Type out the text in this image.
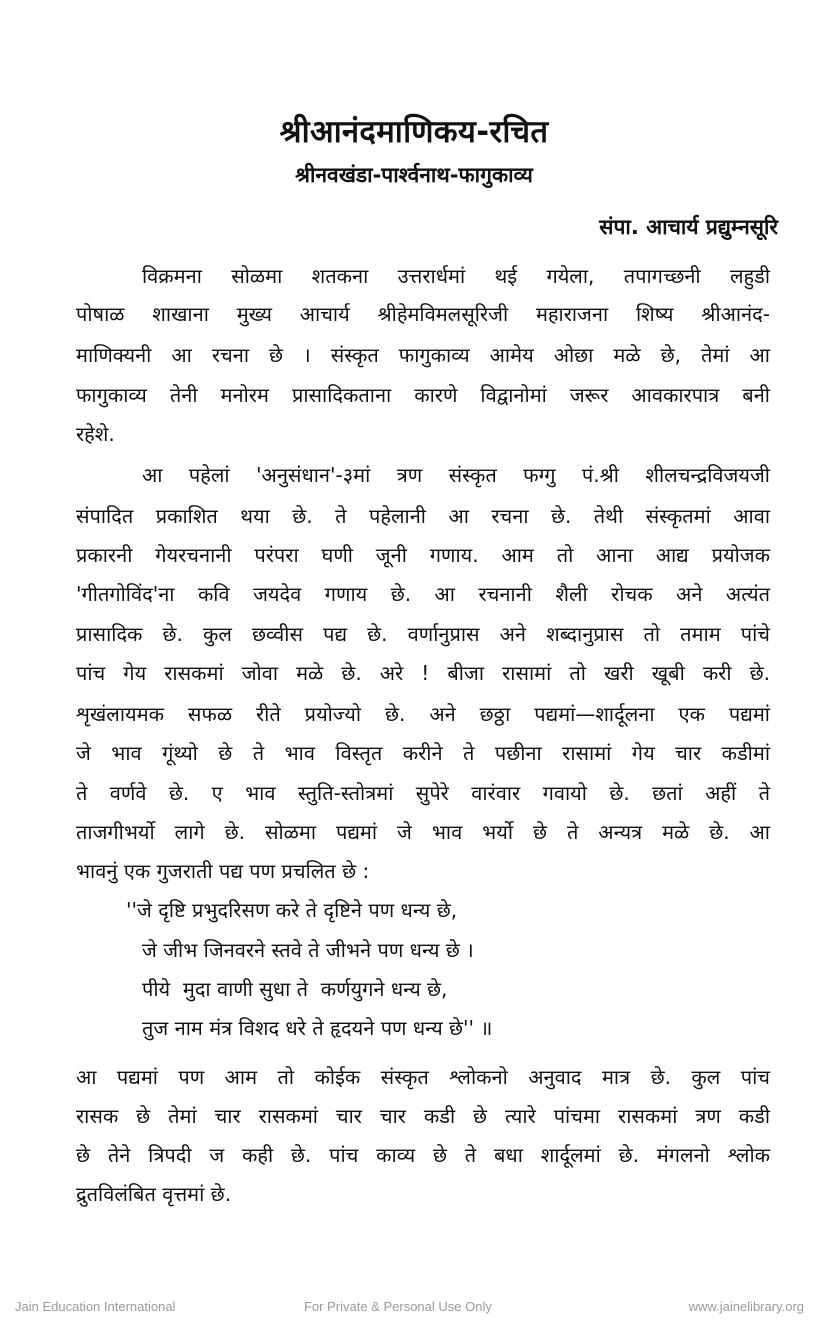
श्रीआनंदमाणिकय-रचित
श्रीनवखंडा-पार्श्वनाथ-फागुकाव्य
संपा. आचार्य प्रद्युम्नसूरि
विक्रमना सोळमा शतकना उत्तरार्धमां थई गयेला, तपागच्छनी लहुडी
पोषाळ शाखाना मुख्य आचार्य श्रीहेमविमलसूरिजी महाराजना शिष्य श्रीआनंद-
माणिक्यनी आ रचना छे । संस्कृत फागुकाव्य आमेय ओछा मळे छे, तेमां आ
फागुकाव्य तेनी मनोरम प्रासादिकताना कारणे विद्वानोमां जरूर आवकारपात्र बनी
रहेशे.
आ पहेलां 'अनुसंधान'-३मां त्रण संस्कृत फग्गु पं.श्री शीलचन्द्रविजयजी
संपादित प्रकाशित थया छे. ते पहेलानी आ रचना छे. तेथी संस्कृतमां आवा
प्रकारनी गेयरचनानी परंपरा घणी जूनी गणाय. आम तो आना आद्य प्रयोजक
'गीतगोविंद'ना कवि जयदेव गणाय छे. आ रचनानी शैली रोचक अने अत्यंत
प्रासादिक छे. कुल छव्वीस पद्य छे. वर्णानुप्रास अने शब्दानुप्रास तो तमाम पांचे
पांच गेय रासकमां जोवा मळे छे. अरे ! बीजा रासामां तो खरी खूबी करी छे.
शृखंलायमक सफळ रीते प्रयोज्यो छे. अने छठ्ठा पद्यमां—शार्दूलना एक पद्यमां
जे भाव गूंथ्यो छे ते भाव विस्तृत करीने ते पछीना रासामां गेय चार कडीमां
ते वर्णवे छे. ए भाव स्तुति-स्तोत्रमां सुपेरे वारंवार गवायो छे. छतां अहीं ते
ताजगीभर्यो लागे छे. सोळमा पद्यमां जे भाव भर्यो छे ते अन्यत्र मळे छे. आ
भावनुं एक गुजराती पद्य पण प्रचलित छे :
''जे दृष्टि प्रभुदरिसण करे ते दृष्टिने पण धन्य छे,
जे जीभ जिनवरने स्तवे ते जीभने पण धन्य छे ।
पीये  मुदा वाणी सुधा ते  कर्णयुगने धन्य छे,
तुज नाम मंत्र विशद धरे ते हृदयने पण धन्य छे'' ॥
आ पद्यमां पण आम तो कोईक संस्कृत श्लोकनो अनुवाद मात्र छे. कुल पांच
रासक छे तेमां चार रासकमां चार चार कडी छे त्यारे पांचमा रासकमां त्रण कडी
छे तेने त्रिपदी ज कही छे. पांच काव्य छे ते बधा शार्दूलमां छे. मंगलनो श्लोक
द्रुतविलंबित वृत्तमां छे.
Jain Education International	For Private & Personal Use Only	www.jainelibrary.org
